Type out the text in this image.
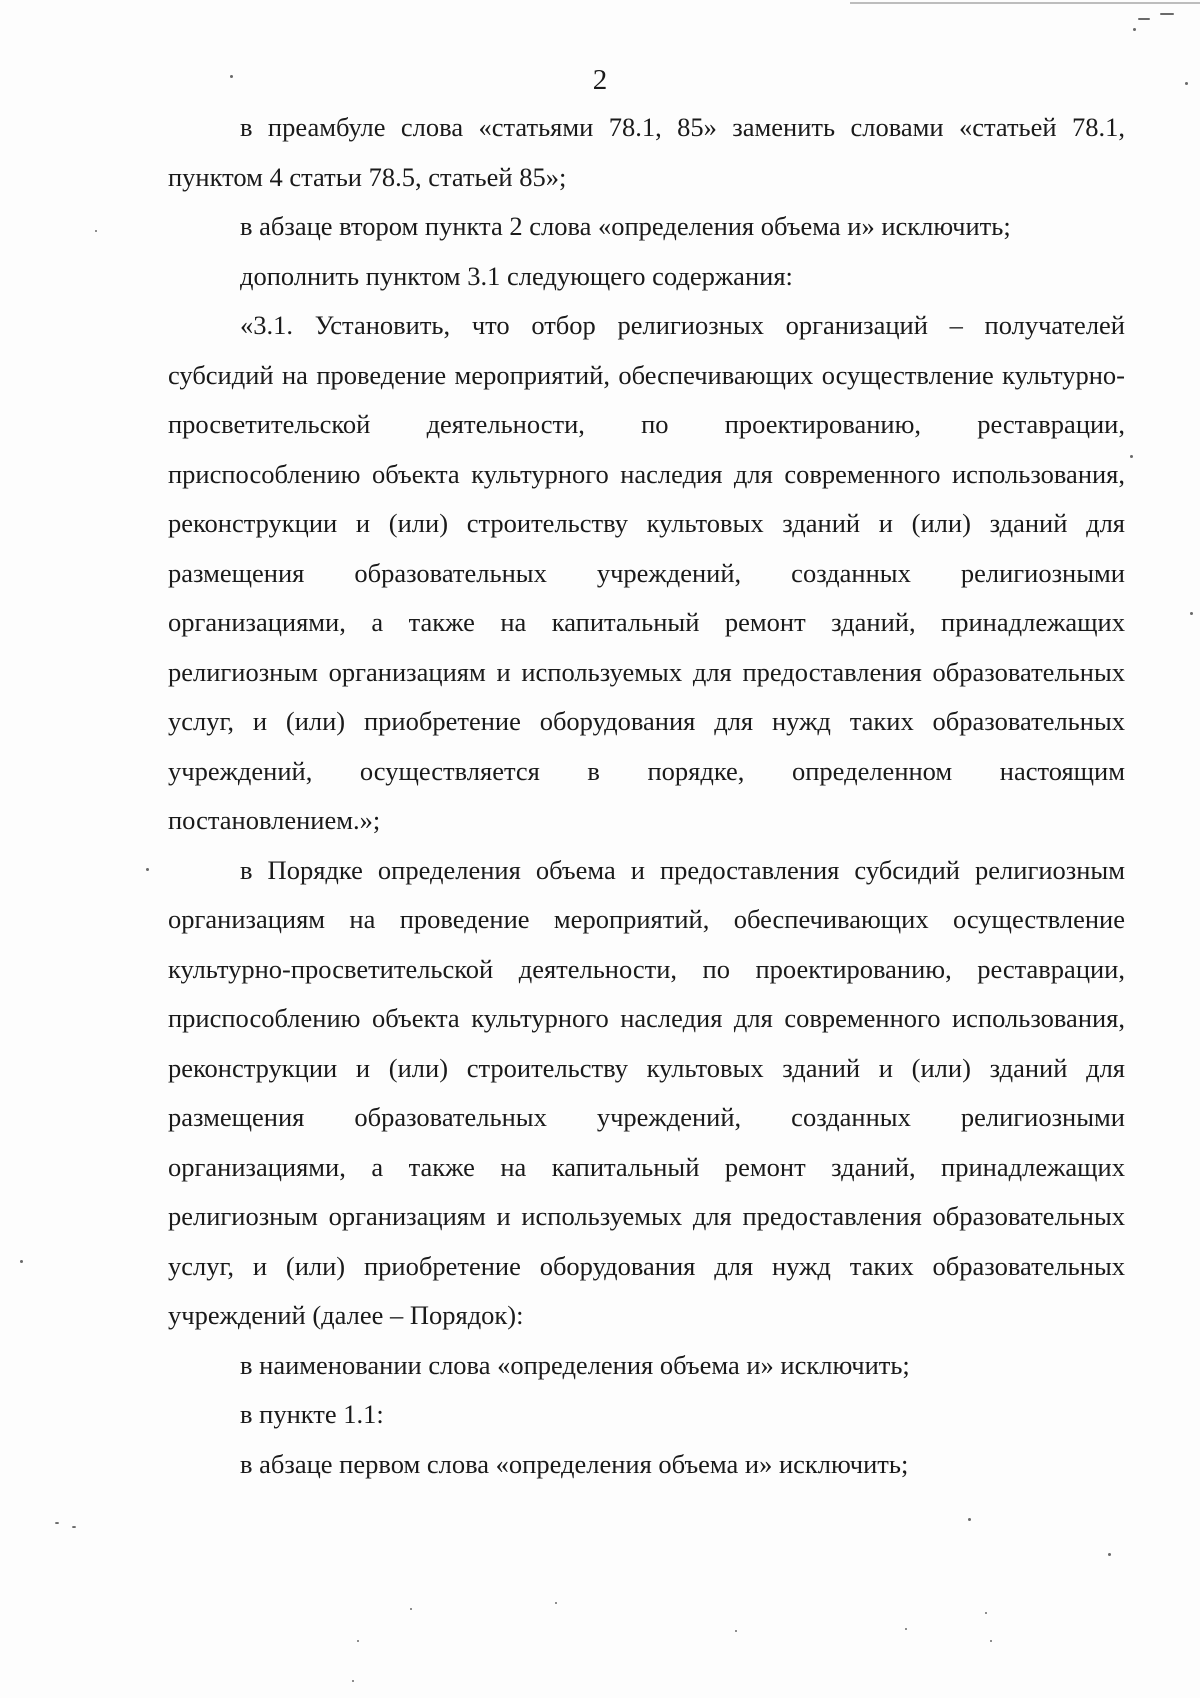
2

в преамбуле слова «статьями 78.1, 85» заменить словами «статьей 78.1, пунктом 4 статьи 78.5, статьей 85»;

в абзаце втором пункта 2 слова «определения объема и» исключить;

дополнить пунктом 3.1 следующего содержания:

«3.1. Установить, что отбор религиозных организаций – получателей субсидий на проведение мероприятий, обеспечивающих осуществление культурно-просветительской деятельности, по проектированию, реставрации, приспособлению объекта культурного наследия для современного использования, реконструкции и (или) строительству культовых зданий и (или) зданий для размещения образовательных учреждений, созданных религиозными организациями, а также на капитальный ремонт зданий, принадлежащих религиозным организациям и используемых для предоставления образовательных услуг, и (или) приобретение оборудования для нужд таких образовательных учреждений, осуществляется в порядке, определенном настоящим постановлением.»;

в Порядке определения объема и предоставления субсидий религиозным организациям на проведение мероприятий, обеспечивающих осуществление культурно-просветительской деятельности, по проектированию, реставрации, приспособлению объекта культурного наследия для современного использования, реконструкции и (или) строительству культовых зданий и (или) зданий для размещения образовательных учреждений, созданных религиозными организациями, а также на капитальный ремонт зданий, принадлежащих религиозным организациям и используемых для предоставления образовательных услуг, и (или) приобретение оборудования для нужд таких образовательных учреждений (далее – Порядок):

в наименовании слова «определения объема и» исключить;

в пункте 1.1:

в абзаце первом слова «определения объема и» исключить;
